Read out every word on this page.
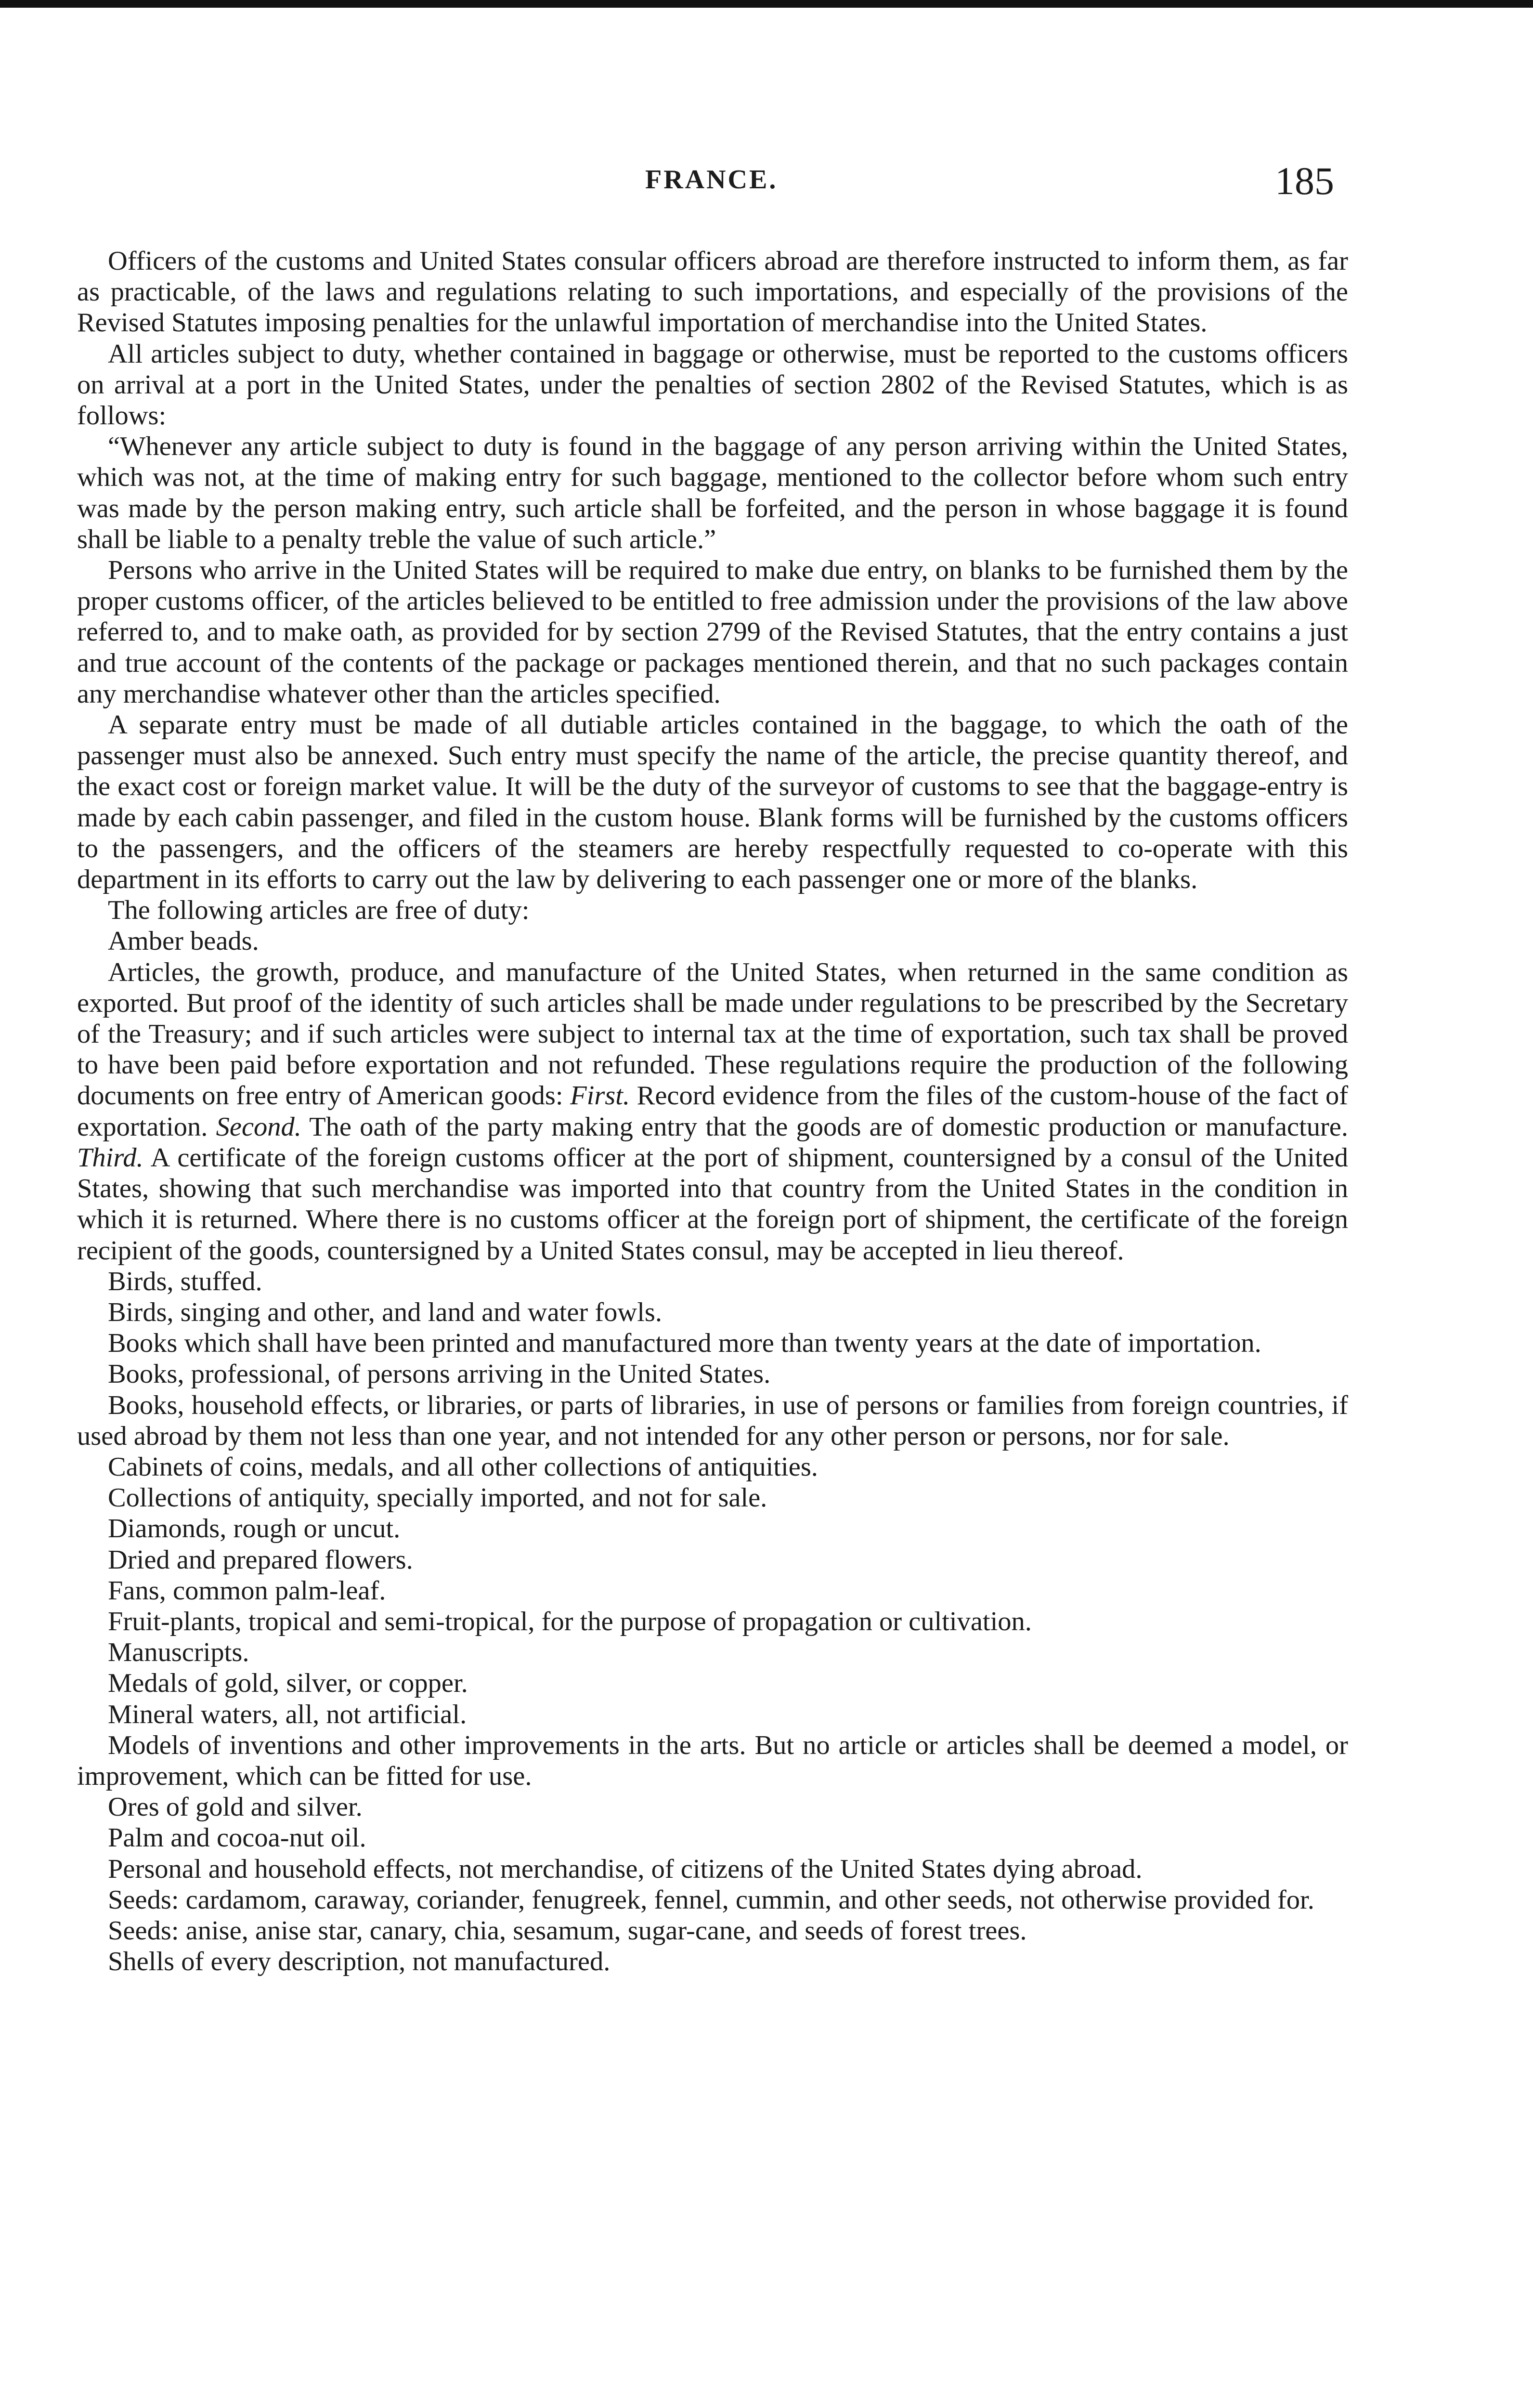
FRANCE.	185

Officers of the customs and United States consular officers abroad are therefore instructed to inform them, as far as practicable, of the laws and regulations relating to such importations, and especially of the provisions of the Revised Statutes imposing penalties for the unlawful importation of merchandise into the United States.

All articles subject to duty, whether contained in baggage or otherwise, must be reported to the customs officers on arrival at a port in the United States, under the penalties of section 2802 of the Revised Statutes, which is as follows:

“Whenever any article subject to duty is found in the baggage of any person arriving within the United States, which was not, at the time of making entry for such baggage, mentioned to the collector before whom such entry was made by the person making entry, such article shall be forfeited, and the person in whose baggage it is found shall be liable to a penalty treble the value of such article.”

Persons who arrive in the United States will be required to make due entry, on blanks to be furnished them by the proper customs officer, of the articles believed to be entitled to free admission under the provisions of the law above referred to, and to make oath, as provided for by section 2799 of the Revised Statutes, that the entry contains a just and true account of the contents of the package or packages mentioned therein, and that no such packages contain any merchandise whatever other than the articles specified.

A separate entry must be made of all dutiable articles contained in the baggage, to which the oath of the passenger must also be annexed. Such entry must specify the name of the article, the precise quantity thereof, and the exact cost or foreign market value. It will be the duty of the surveyor of customs to see that the baggage-entry is made by each cabin passenger, and filed in the custom house. Blank forms will be furnished by the customs officers to the passengers, and the officers of the steamers are hereby respectfully requested to co-operate with this department in its efforts to carry out the law by delivering to each passenger one or more of the blanks.

The following articles are free of duty:

Amber beads.

Articles, the growth, produce, and manufacture of the United States, when returned in the same condition as exported. But proof of the identity of such articles shall be made under regulations to be prescribed by the Secretary of the Treasury; and if such articles were subject to internal tax at the time of exportation, such tax shall be proved to have been paid before exportation and not refunded. These regulations require the production of the following documents on free entry of American goods: First. Record evidence from the files of the custom-house of the fact of exportation. Second. The oath of the party making entry that the goods are of domestic production or manufacture. Third. A certificate of the foreign customs officer at the port of shipment, countersigned by a consul of the United States, showing that such merchandise was imported into that country from the United States in the condition in which it is returned. Where there is no customs officer at the foreign port of shipment, the certificate of the foreign recipient of the goods, countersigned by a United States consul, may be accepted in lieu thereof.

Birds, stuffed.

Birds, singing and other, and land and water fowls.

Books which shall have been printed and manufactured more than twenty years at the date of importation.

Books, professional, of persons arriving in the United States.

Books, household effects, or libraries, or parts of libraries, in use of persons or families from foreign countries, if used abroad by them not less than one year, and not intended for any other person or persons, nor for sale.

Cabinets of coins, medals, and all other collections of antiquities.

Collections of antiquity, specially imported, and not for sale.

Diamonds, rough or uncut.

Dried and prepared flowers.

Fans, common palm-leaf.

Fruit-plants, tropical and semi-tropical, for the purpose of propagation or cultivation.

Manuscripts.

Medals of gold, silver, or copper.

Mineral waters, all, not artificial.

Models of inventions and other improvements in the arts. But no article or articles shall be deemed a model, or improvement, which can be fitted for use.

Ores of gold and silver.

Palm and cocoa-nut oil.

Personal and household effects, not merchandise, of citizens of the United States dying abroad.

Seeds: cardamom, caraway, coriander, fenugreek, fennel, cummin, and other seeds, not otherwise provided for.

Seeds: anise, anise star, canary, chia, sesamum, sugar-cane, and seeds of forest trees.

Shells of every description, not manufactured.
